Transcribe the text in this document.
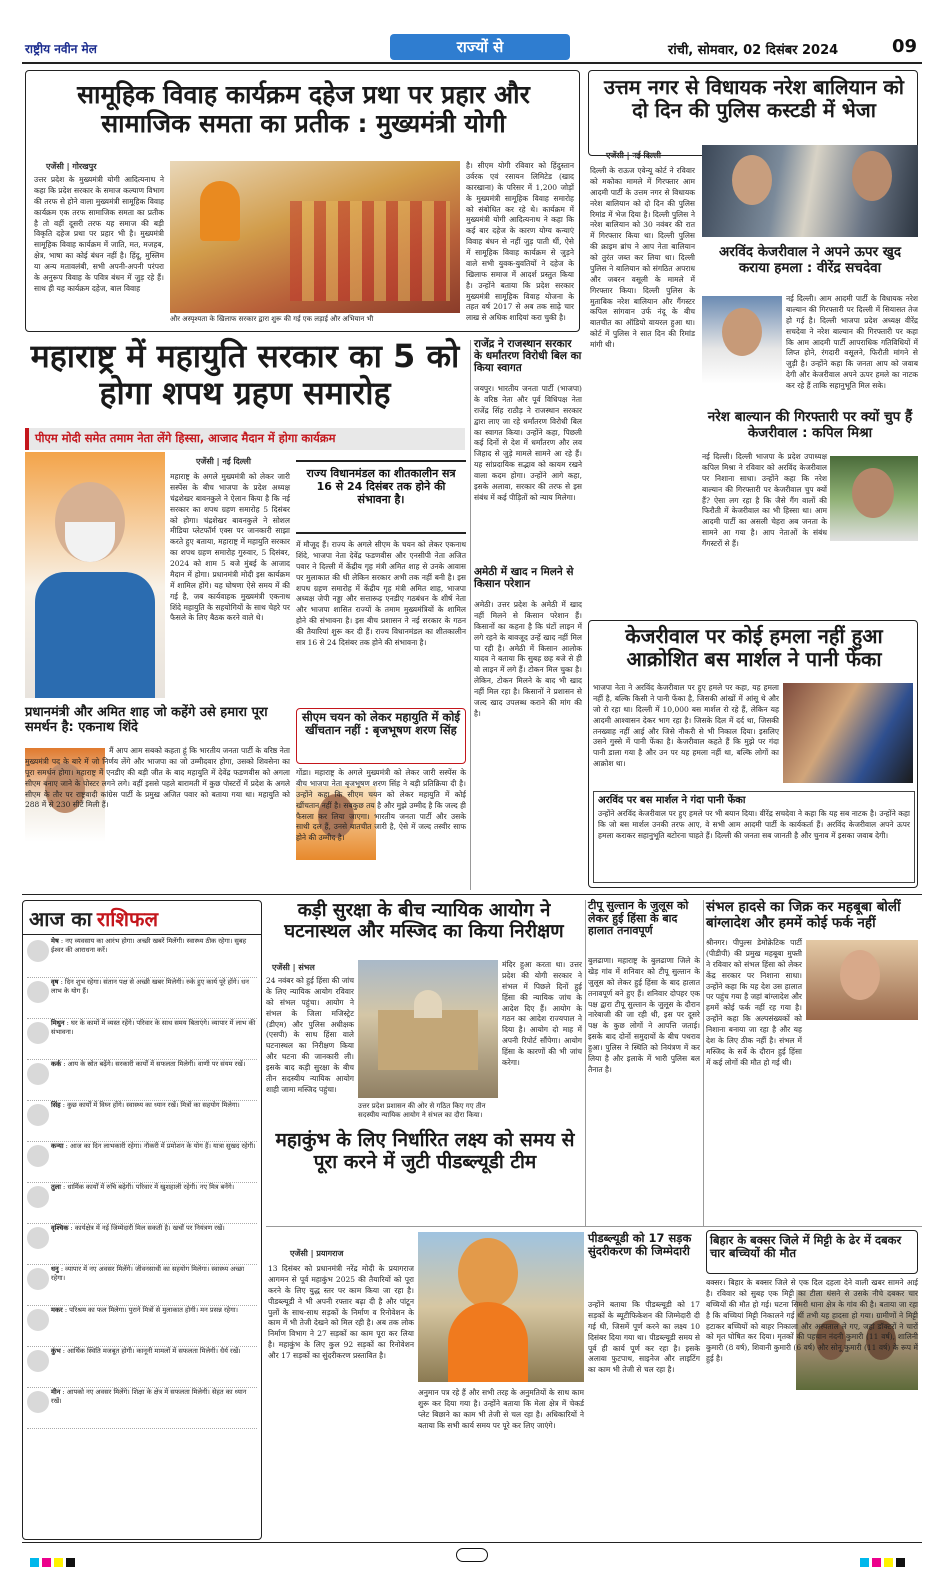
राष्ट्रीय नवीन मेल	राज्यों से	रांची, सोमवार, 02 दिसंबर 2024	09
सामूहिक विवाह कार्यक्रम दहेज प्रथा पर प्रहार और सामाजिक समता का प्रतीक : मुख्यमंत्री योगी
एजेंसी | गोरखपुर
उत्तर प्रदेश के मुख्यमंत्री योगी आदित्यनाथ ने कहा कि प्रदेश सरकार के समाज कल्याण विभाग की तरफ से होने वाला मुख्यमंत्री सामूहिक विवाह कार्यक्रम एक तरफ सामाजिक समता का प्रतीक है तो वहीं दूसरी तरफ यह समाज की बड़ी विकृति दहेज प्रथा पर प्रहार भी है। मुख्यमंत्री सामूहिक विवाह कार्यक्रम में जाति, मत, मजहब, क्षेत्र, भाषा का कोई बंधन नहीं है। हिंदू, मुस्लिम या अन्य मतावलंबी, सभी अपनी-अपनी परंपरा के अनुरूप विवाह के पवित्र बंधन में जुड़ रहे हैं। साथ ही यह कार्यक्रम दहेज, बाल विवाह
और अस्पृश्यता के खिलाफ सरकार द्वारा शुरू की गई एक लड़ाई और अभियान भी
है। सीएम योगी रविवार को हिंदुस्तान उर्वरक एवं रसायन लिमिटेड (खाद कारखाना) के परिसर में 1,200 जोड़ों के मुख्यमंत्री सामूहिक विवाह समारोह को संबोधित कर रहे थे। कार्यक्रम में मुख्यमंत्री योगी आदित्यनाथ ने कहा कि कई बार दहेज के कारण योग्य कन्याएं विवाह बंधन से नहीं जुड़ पाती थीं, ऐसे में सामूहिक विवाह कार्यक्रम से जुड़ने वाले सभी युवक-युवतियों ने दहेज के खिलाफ समाज में आदर्श प्रस्तुत किया है। उन्होंने बताया कि प्रदेश सरकार मुख्यमंत्री सामूहिक विवाह योजना के तहत वर्ष 2017 से अब तक साढ़े चार लाख से अधिक शादियां करा चुकी है।
उत्तम नगर से विधायक नरेश बालियान को दो दिन की पुलिस कस्टडी में भेजा
एजेंसी | नई दिल्ली
दिल्ली के राऊज एवेन्यू कोर्ट ने रविवार को मकोका मामले में गिरफ्तार आम आदमी पार्टी के उत्तम नगर से विधायक नरेश बालियान को दो दिन की पुलिस रिमांड में भेज दिया है। दिल्ली पुलिस ने नरेश बालियान को 30 नवंबर की रात में गिरफ्तार किया था। दिल्ली पुलिस की क्राइम ब्रांच ने आप नेता बालियान को तुरंत जब्त कर लिया था। दिल्ली पुलिस ने बालियान को संगठित अपराध और जबरन वसूली के मामले में गिरफ्तार किया। दिल्ली पुलिस के मुताबिक नरेश बालियान और गैंगस्टर कपिल सांगवान उर्फ नंदू के बीच बातचीत का ऑडियो वायरल हुआ था। कोर्ट में पुलिस ने सात दिन की रिमांड मांगी थी।
अरविंद केजरीवाल ने अपने ऊपर खुद कराया हमला : वीरेंद्र सचदेवा
नई दिल्ली। आम आदमी पार्टी के विधायक नरेश बाल्यान की गिरफ्तारी पर दिल्ली में सियासत तेज हो गई है। दिल्ली भाजपा प्रदेश अध्यक्ष वीरेंद्र सचदेवा ने नरेश बाल्यान की गिरफ्तारी पर कहा कि आम आदमी पार्टी आपराधिक गतिविधियों में लिप्त होने, रंगदारी वसूलने, फिरौती मांगने से जुड़ी है। उन्होंने कहा कि जनता आप को जवाब देगी और केजरीवाल अपने ऊपर हमले का नाटक कर रहे हैं ताकि सहानुभूति मिल सके।
नरेश बाल्यान की गिरफ्तारी पर क्यों चुप हैं केजरीवाल : कपिल मिश्रा
नई दिल्ली। दिल्ली भाजपा के प्रदेश उपाध्यक्ष कपिल मिश्रा ने रविवार को अरविंद केजरीवाल पर निशाना साधा। उन्होंने कहा कि नरेश बाल्यान की गिरफ्तारी पर केजरीवाल चुप क्यों हैं? ऐसा लग रहा है कि जैसे गैंग वालों की फिरौती में केजरीवाल का भी हिस्सा था। आम आदमी पार्टी का असली चेहरा अब जनता के सामने आ गया है। आप नेताओं के संबंध गैंगस्टरों से हैं।
केजरीवाल पर कोई हमला नहीं हुआ आक्रोशित बस मार्शल ने पानी फेंका
भाजपा नेता ने अरविंद केजरीवाल पर हुए हमले पर कहा, यह हमला नहीं है, बल्कि किसी ने पानी फेंका है, जिसकी आंखों में आंसू थे और जो रो रहा था। दिल्ली में 10,000 बस मार्शल रो रहे हैं, लेकिन यह आदमी आश्वासन देकर भाग रहा है। जिसके दिल में दर्द था, जिसकी तनख्वाह नहीं आई और जिसे नौकरी से भी निकाल दिया। इसलिए उसने गुस्से में पानी फेंका है। केजरीवाल कहते हैं कि मुझे पर गंदा पानी डाला गया है और उन पर यह हमला नहीं था, बल्कि लोगों का आक्रोश था।
अरविंद पर बस मार्शल ने गंदा पानी फेंका
उन्होंने अरविंद केजरीवाल पर हुए हमले पर भी बयान दिया। वीरेंद्र सचदेवा ने कहा कि यह सब नाटक है। उन्होंने कहा कि जो बस मार्शल उनकी तरफ आए, वे सभी आम आदमी पार्टी के कार्यकर्ता हैं। अरविंद केजरीवाल अपने ऊपर हमला कराकर सहानुभूति बटोरना चाहते हैं। दिल्ली की जनता सब जानती है और चुनाव में इसका जवाब देगी।
महाराष्ट्र में महायुति सरकार का 5 को होगा शपथ ग्रहण समारोह
पीएम मोदी समेत तमाम नेता लेंगे हिस्सा, आजाद मैदान में होगा कार्यक्रम
एजेंसी | नई दिल्ली
महाराष्ट्र के अगले मुख्यमंत्री को लेकर जारी सस्पेंस के बीच भाजपा के प्रदेश अध्यक्ष चंद्रशेखर बावनकुले ने ऐलान किया है कि नई सरकार का शपथ ग्रहण समारोह 5 दिसंबर को होगा। चंद्रशेखर बावनकुले ने सोशल मीडिया प्लेटफॉर्म एक्स पर जानकारी साझा करते हुए बताया, महाराष्ट्र में महायुति सरकार का शपथ ग्रहण समारोह गुरुवार, 5 दिसंबर, 2024 को शाम 5 बजे मुंबई के आजाद मैदान में होगा। प्रधानमंत्री मोदी इस कार्यक्रम में शामिल होंगे। यह घोषणा ऐसे समय में की गई है, जब कार्यवाहक मुख्यमंत्री एकनाथ शिंदे महायुति के सहयोगियों के साथ चेहरे पर फैसले के लिए बैठक करने वाले थे।
राज्य विधानमंडल का शीतकालीन सत्र 16 से 24 दिसंबर तक होने की संभावना है।
में मौजूद हैं। राज्य के अगले सीएम के चयन को लेकर एकनाथ शिंदे, भाजपा नेता देवेंद्र फडणवीस और एनसीपी नेता अजित पवार ने दिल्ली में केंद्रीय गृह मंत्री अमित शाह से उनके आवास पर मुलाकात की थी लेकिन सरकार अभी तक नहीं बनी है। इस शपथ ग्रहण समारोह में केंद्रीय गृह मंत्री अमित शाह, भाजपा अध्यक्ष जेपी नड्डा और सत्तारूढ़ एनडीए गठबंधन के शीर्ष नेता और भाजपा शासित राज्यों के तमाम मुख्यमंत्रियों के शामिल होने की संभावना है। इस बीच प्रशासन ने नई सरकार के गठन की तैयारियां शुरू कर दी हैं। राज्य विधानमंडल का शीतकालीन सत्र 16 से 24 दिसंबर तक होने की संभावना है।
प्रधानमंत्री और अमित शाह जो कहेंगे उसे हमारा पूरा समर्थन है: एकनाथ शिंदे
मैं आप आम सबको कहता हूं कि भारतीय जनता पार्टी के वरिष्ठ नेता मुख्यमंत्री पद के बारे में जो निर्णय लेंगे और भाजपा का जो उम्मीदवार होगा, उसको शिवसेना का पूरा समर्थन होगा। महाराष्ट्र में एनडीए की बड़ी जीत के बाद महायुति में देवेंद्र फडणवीस को अगला सीएम बनाए जाने के पोस्टर लगने लगे। वहीं इससे पहले बारामती में कुछ पोस्टरों में प्रदेश के अगले सीएम के तौर पर राष्ट्रवादी कांग्रेस पार्टी के प्रमुख अजित पवार को बताया गया था। महायुति को 288 में से 230 सीटें मिली हैं।
सीएम चयन को लेकर महायुति में कोई खींचतान नहीं : बृजभूषण शरण सिंह
गोंडा। महाराष्ट्र के अगले मुख्यमंत्री को लेकर जारी सस्पेंस के बीच भाजपा नेता बृजभूषण शरण सिंह ने बड़ी प्रतिक्रिया दी है। उन्होंने कहा कि सीएम चयन को लेकर महायुति में कोई खींचतान नहीं है। सबकुछ तय है और मुझे उम्मीद है कि जल्द ही फैसला कर लिया जाएगा। भारतीय जनता पार्टी और उसके साथी दल हैं, उनसे बातचीत जारी है, ऐसे में जल्द तस्वीर साफ होने की उम्मीद है।
राजेंद्र ने राजस्थान सरकार के धर्मांतरण विरोधी बिल का किया स्वागत
जयपुर। भारतीय जनता पार्टी (भाजपा) के वरिष्ठ नेता और पूर्व विधिपक्ष नेता राजेंद्र सिंह राठौड़ ने राजस्थान सरकार द्वारा लाए जा रहे धर्मांतरण विरोधी बिल का स्वागत किया। उन्होंने कहा, पिछली कई दिनों से देश में धर्मांतरण और लव जिहाद से जुड़े मामले सामने आ रहे हैं। यह सांप्रदायिक सद्भाव को कायम रखने वाला कदम होगा। उन्होंने आगे कहा, इसके अलावा, सरकार की तरफ से इस संबंध में कई पीड़ितों को न्याय मिलेगा।
अमेठी में खाद न मिलने से किसान परेशान
अमेठी। उत्तर प्रदेश के अमेठी में खाद नहीं मिलने से किसान परेशान हैं। किसानों का कहना है कि घंटों लाइन में लगे रहने के बावजूद उन्हें खाद नहीं मिल पा रही है। अमेठी में किसान आलोक यादव ने बताया कि सुबह छह बजे से ही वो लाइन में लगे हैं। टोकन मिल चुका है। लेकिन, टोकन मिलने के बाद भी खाद नहीं मिल रहा है। किसानों ने प्रशासन से जल्द खाद उपलब्ध कराने की मांग की है।
आज का राशिफल
मेष : नए व्यवसाय का आरंभ होगा। अच्छी खबरें मिलेंगी। स्वास्थ्य ठीक रहेगा। सुबह ईश्वर की आराधना करें।
वृष : दिन शुभ रहेगा। संतान पक्ष से अच्छी खबर मिलेगी। रुके हुए कार्य पूरे होंगे। धन लाभ के योग हैं।
मिथुन : घर के कामों में व्यस्त रहेंगे। परिवार के साथ समय बिताएंगे। व्यापार में लाभ की संभावना।
कर्क : आय के स्रोत बढ़ेंगे। सरकारी कार्यों में सफलता मिलेगी। वाणी पर संयम रखें।
सिंह : कुछ कार्यों में विघ्न होंगे। स्वास्थ्य का ध्यान रखें। मित्रों का सहयोग मिलेगा।
कन्या : आज का दिन लाभकारी रहेगा। नौकरी में प्रमोशन के योग हैं। यात्रा सुखद रहेगी।
तुला : धार्मिक कार्यों में रुचि बढ़ेगी। परिवार में खुशहाली रहेगी। नए मित्र बनेंगे।
वृश्चिक : कार्यक्षेत्र में नई जिम्मेदारी मिल सकती है। खर्चों पर नियंत्रण रखें।
धनु : व्यापार में नए अवसर मिलेंगे। जीवनसाथी का सहयोग मिलेगा। स्वास्थ्य अच्छा रहेगा।
मकर : परिश्रम का फल मिलेगा। पुराने मित्रों से मुलाकात होगी। मन प्रसन्न रहेगा।
कुंभ : आर्थिक स्थिति मजबूत होगी। कानूनी मामलों में सफलता मिलेगी। धैर्य रखें।
मीन : आपको नए अवसर मिलेंगे। शिक्षा के क्षेत्र में सफलता मिलेगी। सेहत का ध्यान रखें।
कड़ी सुरक्षा के बीच न्यायिक आयोग ने घटनास्थल और मस्जिद का किया निरीक्षण
एजेंसी | संभल
24 नवंबर को हुई हिंसा की जांच के लिए न्यायिक आयोग रविवार को संभल पहुंचा। आयोग ने संभल के जिला मजिस्ट्रेट (डीएम) और पुलिस अधीक्षक (एसपी) के साथ हिंसा वाले घटनास्थल का निरीक्षण किया और घटना की जानकारी ली। इसके बाद कड़ी सुरक्षा के बीच तीन सदस्यीय न्यायिक आयोग शाही जामा मस्जिद पहुंचा।
उत्तर प्रदेश प्रशासन की ओर से गठित किए गए तीन सदस्यीय न्यायिक आयोग ने संभल का दौरा किया।
मंदिर हुआ करता था। उत्तर प्रदेश की योगी सरकार ने संभल में पिछले दिनों हुई हिंसा की न्यायिक जांच के आदेश दिए हैं। आयोग के गठन का आदेश राज्यपाल ने दिया है। आयोग दो माह में अपनी रिपोर्ट सौंपेगा। आयोग हिंसा के कारणों की भी जांच करेगा।
टीपू सुल्तान के जुलूस को लेकर हुई हिंसा के बाद हालात तनावपूर्ण
बुलढाणा। महाराष्ट्र के बुलढाणा जिले के खेड़ गांव में शनिवार को टीपू सुल्तान के जुलूस को लेकर हुई हिंसा के बाद हालात तनावपूर्ण बने हुए हैं। शनिवार दोपहर एक पक्ष द्वारा टीपू सुल्तान के जुलूस के दौरान नारेबाजी की जा रही थी, इस पर दूसरे पक्ष के कुछ लोगों ने आपत्ति जताई। इसके बाद दोनों समुदायों के बीच पथराव हुआ। पुलिस ने स्थिति को नियंत्रण में कर लिया है और इलाके में भारी पुलिस बल तैनात है।
संभल हादसे का जिक्र कर महबूबा बोलीं बांग्लादेश और हममें कोई फर्क नहीं
श्रीनगर। पीपुल्स डेमोक्रेटिक पार्टी (पीडीपी) की प्रमुख महबूबा मुफ्ती ने रविवार को संभल हिंसा को लेकर केंद्र सरकार पर निशाना साधा। उन्होंने कहा कि यह देश उस हालात पर पहुंच गया है जहां बांग्लादेश और हममें कोई फर्क नहीं रह गया है। उन्होंने कहा कि अल्पसंख्यकों को निशाना बनाया जा रहा है और यह देश के लिए ठीक नहीं है। संभल में मस्जिद के सर्वे के दौरान हुई हिंसा में कई लोगों की मौत हो गई थी।
महाकुंभ के लिए निर्धारित लक्ष्य को समय से पूरा करने में जुटी पीडब्ल्यूडी टीम
एजेंसी | प्रयागराज
13 दिसंबर को प्रधानमंत्री नरेंद्र मोदी के प्रयागराज आगमन से पूर्व महाकुंभ 2025 की तैयारियों को पूरा करने के लिए युद्ध स्तर पर काम किया जा रहा है। पीडब्ल्यूडी ने भी अपनी रफ्तार बढ़ा दी है और पांटून पुलों के साथ-साथ सड़कों के निर्माण व रिनोवेशन के काम में भी तेजी देखने को मिल रही है। अब तक लोक निर्माण विभाग ने 27 सड़कों का काम पूरा कर लिया है। महाकुंभ के लिए कुल 92 सड़कों का रिनोवेशन और 17 सड़कों का सुंदरीकरण प्रस्तावित है।
अनुमान पत्र रहे हैं और सभी तरह के अनुमतियों के साथ काम शुरू कर दिया गया है। उन्होंने बताया कि मेला क्षेत्र में चेकर्ड प्लेट बिछाने का काम भी तेजी से चल रहा है। अधिकारियों ने बताया कि सभी कार्य समय पर पूरे कर लिए जाएंगे।
पीडब्ल्यूडी को 17 सड़क सुंदरीकरण की जिम्मेदारी
उन्होंने बताया कि पीडब्ल्यूडी को 17 सड़कों के ब्यूटीफिकेशन की जिम्मेदारी दी गई थी, जिसमें पूर्ण करने का लक्ष्य 10 दिसंबर दिया गया था। पीडब्ल्यूडी समय से पूर्व ही कार्य पूर्ण कर रहा है। इसके अलावा फुटपाथ, साइनेज और लाइटिंग का काम भी तेजी से चल रहा है।
बिहार के बक्सर जिले में मिट्टी के ढेर में दबकर चार बच्चियों की मौत
बक्सर। बिहार के बक्सर जिले से एक दिल दहला देने वाली खबर सामने आई है। रविवार को सुबह एक मिट्टी का टीला धंसने से उसके नीचे दबकर चार बच्चियों की मौत हो गई। घटना सिमरी थाना क्षेत्र के गांव की है। बताया जा रहा है कि बच्चियां मिट्टी निकालने गई थीं तभी यह हादसा हो गया। ग्रामीणों ने मिट्टी हटाकर बच्चियों को बाहर निकाला और अस्पताल ले गए, जहां डॉक्टरों ने चारों को मृत घोषित कर दिया। मृतकों की पहचान नंदनी कुमारी (11 वर्ष), शालिनी कुमारी (8 वर्ष), शिवानी कुमारी (6 वर्ष) और सोनू कुमारी (11 वर्ष) के रूप में हुई है।
